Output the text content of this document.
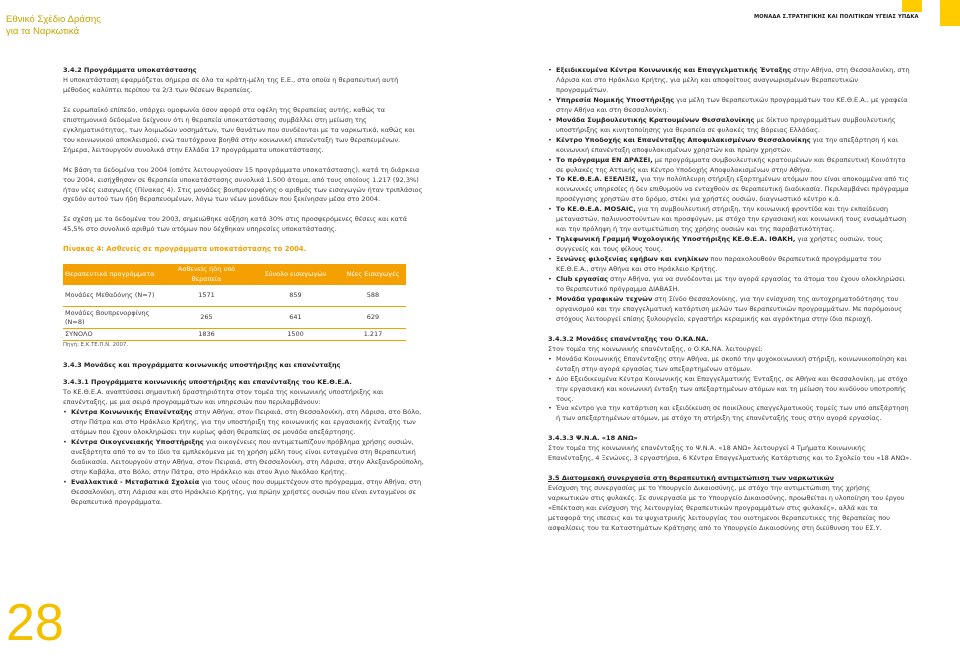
Εθνικό Σχέδιο Δράσης
για τα Ναρκωτικά
ΜΟΝΑΔΑ Σ.ΤΡΑΤΗΓΙΚΗΣ ΚΑΙ ΠΟΛΙΤΙΚΩΝ ΥΓΕΙΑΣ ΥΠΔΚΑ

3.4.2 Προγράμματα υποκατάστασης

Η υποκατάσταση εφαρμόζεται σήμερα σε όλα τα κράτη-μέλη της Ε.Ε., στα οποία η θεραπευτική αυτή μέθοδος καλύπτει περίπου τα 2/3 των θέσεων θεραπείας.

Σε ευρωπαϊκό επίπεδο, υπάρχει ομοφωνία όσον αφορά στα οφέλη της θεραπείας αυτής, καθώς τα επιστημονικά δεδομένα δείχνουν ότι η θεραπεία υποκατάστασης συμβάλλει στη μείωση της εγκληματικότητας, των λοιμωδών νοσημάτων, των θανάτων που συνδέονται με τα ναρκωτικά, καθώς και του κοινωνικού αποκλεισμού, ενώ ταυτόχρονα βοηθά στην κοινωνική επανένταξη των θεραπευμένων. Σήμερα, λειτουργούν συνολικά στην Ελλάδα 17 προγράμματα υποκατάστασης.

Με βάση τα δεδομένα του 2004 (οπότε λειτουργούσαν 15 προγράμματα υποκατάστασης), κατά τη διάρκεια του 2004, εισήχθησαν σε θεραπεία υποκατάστασης συνολικά 1.500 άτομα, από τους οποίους 1.217 (92,3%) ήταν νέες εισαγωγές (Πίνακας 4). Στις μονάδες βουπρενορφίνης ο αριθμός των εισαγωγών ήταν τριπλάσιος σχεδόν αυτού των ήδη θεραπευομένων, λόγω των νέων μονάδων που ξεκίνησαν μέσα στο 2004.

Σε σχέση με τα δεδομένα του 2003, σημειώθηκε αύξηση κατά 30% στις προσφερόμενες θέσεις και κατά 45,5% στο συνολικό αριθμό των ατόμων που δέχθηκαν υπηρεσίες υποκατάστασης.

Πίνακας 4: Ασθενείς σε προγράμματα υποκατάστασης το 2004.

Θεραπευτικά προγράμματα	Ασθενείς ήδη υπό θεραπεία	Σύνολο εισαγωγών	Νέες Εισαγωγές
Μονάδες Μεθαδόνης (Ν=7)	1571	859	588
Μονάδες Βουπρενορφίνης (Ν=8)	265	641	629
ΣΥΝΟΛΟ	1836	1500	1.217

Πηγή: Ε.Κ.ΤΕ.Π.Ν. 2007.

3.4.3 Μονάδες και προγράμματα κοινωνικής υποστήριξης και επανένταξης

3.4.3.1 Προγράμματα κοινωνικής υποστήριξης και επανένταξης του ΚΕ.Θ.Ε.Α.

Το ΚΕ.Θ.Ε.Α. αναπτύσσει σημαντική δραστηριότητα στον τομέα της κοινωνικής υποστήριξης και επανένταξης, με μια σειρά προγραμμάτων και υπηρεσιών που περιλαμβάνουν:

• Κέντρα Κοινωνικής Επανένταξης στην Αθήνα, στον Πειραιά, στη Θεσσαλονίκη, στη Λάρισα, στο Βόλο, στην Πάτρα και στο Ηράκλειο Κρήτης, για την υποστήριξη της κοινωνικής και εργασιακής ένταξης των ατόμων που έχουν ολοκληρώσει την κυρίως φάση θεραπείας σε μονάδα απεξάρτησης.
• Κέντρα Οικογενειακής Υποστήριξης για οικογένειες που αντιμετωπίζουν πρόβλημα χρήσης ουσιών, ανεξάρτητα από το αν το ίδιο τα εμπλεκόμενα με τη χρήση μέλη τους είναι ενταγμένα στη θεραπευτική διαδικασία. Λειτουργούν στην Αθήνα, στον Πειραιά, στη Θεσσαλονίκη, στη Λάρισα, στην Αλεξανδρούπολη, στην Καβάλα, στο Βόλο, στην Πάτρα, στο Ηράκλειο και στον Άγιο Νικόλαο Κρήτης.
• Εναλλακτικά - Μεταβατικά Σχολεία για τους νέους που συμμετέχουν στο πρόγραμμα, στην Αθήνα, στη Θεσσαλονίκη, στη Λάρισα και στο Ηράκλειο Κρήτης, για πρώην χρήστες ουσιών που είναι ενταγμένοι σε θεραπευτικά προγράμματα.
• Εξειδικευμένα Κέντρα Κοινωνικής και Επαγγελματικής Ένταξης στην Αθήνα, στη Θεσσαλονίκη, στη Λάρισα και στο Ηράκλειο Κρήτης, για μέλη και αποφοίτους αναγνωρισμένων θεραπευτικών προγραμμάτων.
• Υπηρεσία Νομικής Υποστήριξης για μέλη των θεραπευτικών προγραμμάτων του ΚΕ.Θ.Ε.Α., με γραφεία στην Αθήνα και στη Θεσσαλονίκη.
• Μονάδα Συμβουλευτικής Κρατουμένων Θεσσαλονίκης με δίκτυο προγραμμάτων συμβουλευτικής υποστήριξης και κινητοποίησης για θεραπεία σε φυλακές της Βόρειας Ελλάδας.
• Κέντρο Υποδοχής και Επανένταξης Αποφυλακισμένων Θεσσαλονίκης για την απεξάρτηση ή και κοινωνική επανένταξη αποφυλακισμένων χρηστών και πρώην χρηστών.
• Το πρόγραμμα ΕΝ ΔΡΑΣΕΙ, με προγράμματα συμβουλευτικής κρατουμένων και Θεραπευτική Κοινότητα σε φυλακές της Αττικής και Κέντρο Υποδοχής Αποφυλακισμένων στην Αθήνα.
• Το ΚΕ.Θ.Ε.Α. ΕΞΕΛΙΞΙΣ, για την πολύπλευρη στήριξη εξαρτημένων ατόμων που είναι αποκομμένα από τις κοινωνικές υπηρεσίες ή δεν επιθυμούν να ενταχθούν σε θεραπευτική διαδικασία. Περιλαμβάνει πρόγραμμα προσέγγισης χρηστών στο δρόμο, στέκι για χρήστες ουσιών, διαγνωστικό κέντρο κ.ά.
• Το ΚΕ.Θ.Ε.Α. MOSAIC, για τη συμβουλευτική στήριξη, την κοινωνική φροντίδα και την εκπαίδευση μεταναστών, παλιννοστούντων και προσφύγων, με στόχο την εργασιακή και κοινωνική τους ενσωμάτωση και την πρόληψη ή την αντιμετώπιση της χρήσης ουσιών και της παραβατικότητας.
• Τηλεφωνική Γραμμή Ψυχολογικής Υποστήριξης ΚΕ.Θ.Ε.Α. ΙΘΑΚΗ, για χρήστες ουσιών, τους συγγενείς και τους φίλους τους.
• Ξενώνες φιλοξενίας εφήβων και ενηλίκων που παρακολουθούν θεραπευτικά προγράμματα του ΚΕ.Θ.Ε.Α., στην Αθήνα και στο Ηράκλειο Κρήτης.
• Club εργασίας στην Αθήνα, για να συνδέονται με την αγορά εργασίας τα άτομα του έχουν ολοκληρώσει το θεραπευτικό πρόγραμμα ΔΙΑΒΑΣΗ.
• Μονάδα γραφικών τεχνών στη Σίνδο Θεσσαλονίκης, για την ενίσχυση της αυτοχρηματοδότησης του οργανισμού και την επαγγελματική κατάρτιση μελών των θεραπευτικών προγραμμάτων. Με παρόμοιους στόχους λειτουργεί επίσης ξυλουργείο, εργαστήρι κεραμικής και αγρόκτημα στην ίδια περιοχή.

3.4.3.2 Μονάδες επανένταξης του Ο.ΚΑ.ΝΑ.

Στον τομέα της κοινωνικής επανένταξης, ο Ο.ΚΑ.ΝΑ. λειτουργεί:

• Μονάδα Κοινωνικής Επανένταξης στην Αθήνα, με σκοπό την ψυχοκοινωνική στήριξη, κοινωνικοποίηση και ένταξη στην αγορά εργασίας των απεξαρτημένων ατόμων.
• Δύο Εξειδικευμένα Κέντρα Κοινωνικής και Επαγγελματικής Ένταξης, σε Αθήνα και Θεσσαλονίκη, με στόχο την εργασιακή και κοινωνική ένταξη των απεξαρτημένων ατόμων και τη μείωση του κινδύνου υποτροπής τους.
• Ένα κέντρο για την κατάρτιση και εξειδίκευση σε ποικίλους επαγγελματικούς τομείς των υπό απεξάρτηση ή των απεξαρτημένων ατόμων, με στόχο τη στήριξη της επανένταξής τους στην αγορά εργασίας.

3.4.3.3 Ψ.Ν.Α. «18 ΑΝΩ»

Στον τομέα της κοινωνικής επανένταξης το Ψ.Ν.Α. «18 ΑΝΩ» λειτουργεί 4 Τμήματα Κοινωνικής Επανένταξης, 4 Ξενώνες, 3 εργαστήρια, 6 Κέντρα Επαγγελματικής Κατάρτισης και το Σχολείο του «18 ΑΝΩ».

3.5 Διατομεακή συνεργασία στη θεραπευτική αντιμετώπιση των ναρκωτικών

Ενίσχυση της συνεργασίας με το Υπουργείο Δικαιοσύνης, με στόχο την αντιμετώπιση της χρήσης ναρκωτικών στις φυλακές. Σε συνεργασία με το Υπουργείο Δικαιοσύνης, προωθείται η υλοποίηση του έργου «Επέκταση και ενίσχυση της λειτουργίας θεραπευτικών προγραμμάτων στις φυλακές», αλλά και τα μεταφορά της ιπεσεις και τα ψυχιατρικής λειτουργίας του οιοτημενοι θεραπευτικες της θεραπείας που ασφαλίσεις του τα Καταστημάτων Κράτησης από το Υπουργείο Δικαιοσύνης στη διεύθυνση του ΕΣ.Υ.

28
